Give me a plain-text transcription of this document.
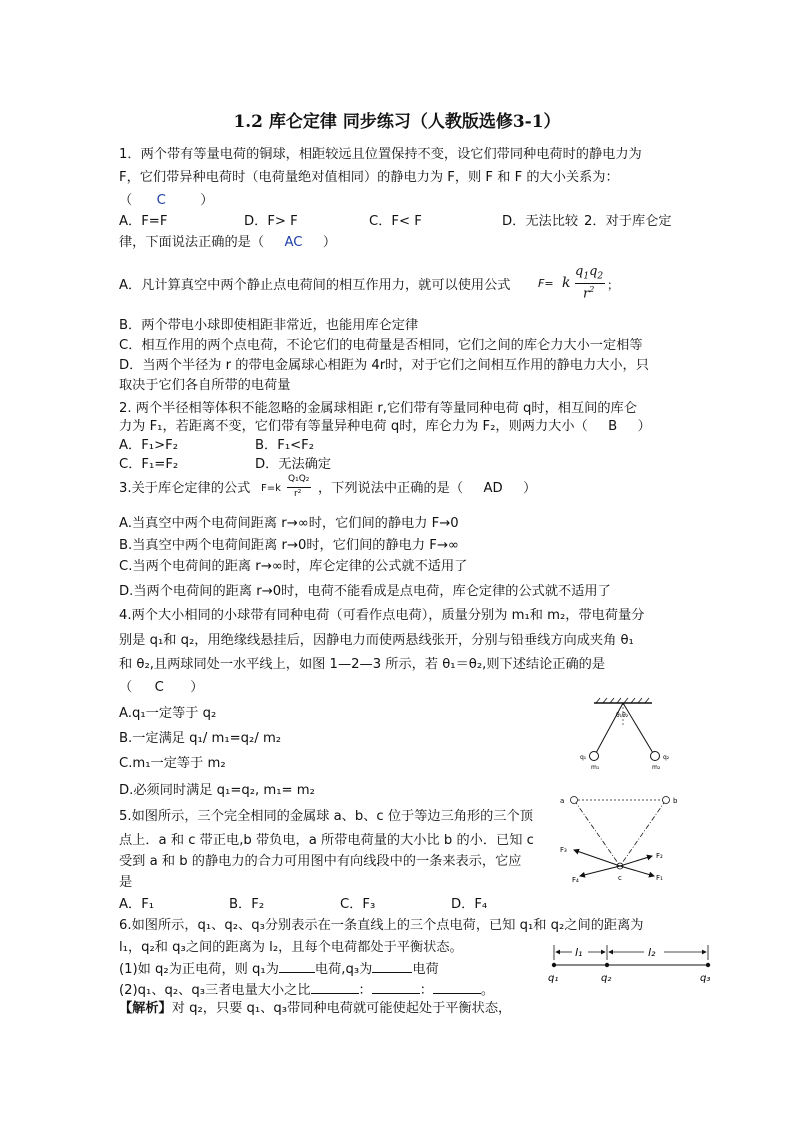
1.2 库仑定律 同步练习（人教版选修3-1）
1．两个带有等量电荷的铜球，相距较远且位置保持不变，设它们带同种电荷时的静电力为
F，它们带异种电荷时（电荷量绝对值相同）的静电力为 F，则 F 和 F 的大小关系为：
（ C	）
A．F=F	D．F> F	C．F< F	D．无法比较 2．对于库仑定
律，下面说法正确的是（ AC ）
A．凡计算真空中两个静止点电荷间的相互作用力，就可以使用公式	F= k
$q_1q_2$
$r^2$ ；
B．两个带电小球即使相距非常近，也能用库仑定律
C．相互作用的两个点电荷，不论它们的电荷量是否相同，它们之间的库仑力大小一定相等
D．当两个半径为 r 的带电金属球心相距为 4r时，对于它们之间相互作用的静电力大小，只
取决于它们各自所带的电荷量
2. 两个半径相等体积不能忽略的金属球相距 r,它们带有等量同种电荷 q时，相互间的库仑
力为 F₁，若距离不变，它们带有等量异种电荷 q时，库仑力为 F₂，则两力大小（ B ）
A．F₁>F₂	B．F₁<F₂
C．F₁=F₂	D．无法确定
3.关于库仑定律的公式 F=k
Q₁Q₂
r² ，下列说法中正确的是（ AD ）
A.当真空中两个电荷间距离 r→∞时，它们间的静电力 F→0
B.当真空中两个电荷间距离 r→0时，它们间的静电力 F→∞
C.当两个电荷间的距离 r→∞时，库仑定律的公式就不适用了
D.当两个电荷间的距离 r→0时，电荷不能看成是点电荷，库仑定律的公式就不适用了
4.两个大小相同的小球带有同种电荷（可看作点电荷），质量分别为 m₁和 m₂，带电荷量分
别是 q₁和 q₂，用绝缘线悬挂后，因静电力而使两悬线张开，分别与铅垂线方向成夹角 θ₁
和 θ₂,且两球同处一水平线上，如图 1—2—3 所示，若 θ₁＝θ₂,则下述结论正确的是
（ C ）
A.q₁一定等于 q₂
B.一定满足 q₁/ m₁=q₂/ m₂
C.m₁一定等于 m₂
D.必须同时满足 q₁=q₂, m₁= m₂
θ₁θ₂
q₁
m₁
q₂
m₂
5.如图所示，三个完全相同的金属球 a、b、c 位于等边三角形的三个顶
点上．a 和 c 带正电,b 带负电，a 所带电荷量的大小比 b 的小．已知 c
受到 a 和 b 的静电力的合力可用图中有向线段中的一条来表示，它应
是
A．F₁	B．F₂	C．F₃	D．F₄
a	b
c
F₃
F₄
F₂
F₁
6.如图所示，q₁、q₂、q₃分别表示在一条直线上的三个点电荷，已知 q₁和 q₂之间的距离为
l₁，q₂和 q₃之间的距离为 l₂，且每个电荷都处于平衡状态。
(1)如 q₂为正电荷，则 q₁为	电荷,q₃为	电荷
(2)q₁、q₂、q₃三者电量大小之比	：	：	。
【解析】对 q₂，只要 q₁、q₃带同种电荷就可能使起处于平衡状态，
l₁	l₂
q₁	q₂	q₃
